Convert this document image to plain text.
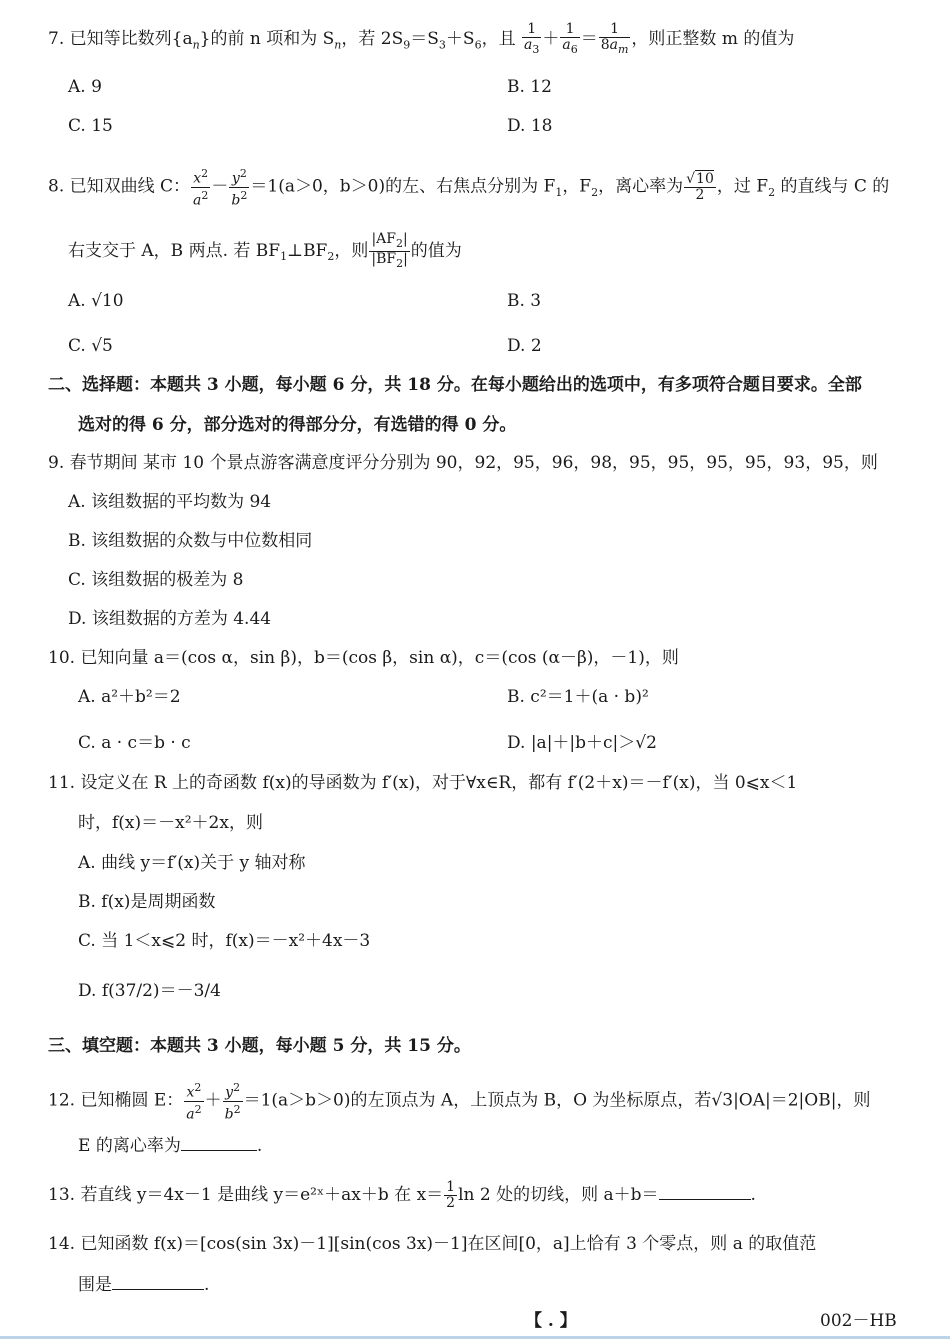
7. 已知等比数列$\{a_n\}$的前 n 项和为 $S_n$，若 $2S_9=S_3+S_6$，且 $\frac{1}{a_3} + \frac{1}{a_6} = \frac{1}{8a_m}$ ，则正整数 m 的值为
A. 9	B. 12
C. 15	D. 18
8. 已知双曲线 C： $\frac{x^2}{a^2} - \frac{y^2}{b^2} =1(a>0$，b＞0)的左、右焦点分别为 $F_1$，$F_2$，离心率为 $\frac{√10}{2}$ ，过 $F_2$ 的直线与 C 的
右支交于 A，B 两点. 若 $BF_1\perp BF_2$，则 $\frac{|AF_2|}{|BF_2|}$ 的值为
A. √10	B. 3
C. √5	D. 2
二、选择题：本题共 3 小题，每小题 6 分，共 18 分。在每小题给出的选项中，有多项符合题目要求。全部
选对的得 6 分，部分选对的得部分分，有选错的得 0 分。
9. 春节期间 某市 10 个景点游客满意度评分分别为 90，92，95，96，98，95，95，95，95，93，95，则
A. 该组数据的平均数为 94
B. 该组数据的众数与中位数相同
C. 该组数据的极差为 8
D. 该组数据的方差为 4.44
10. 已知向量 a＝(cos α，sin β)，b＝(cos β，sin α)，c＝(cos (α－β)，－1)，则
A. a²＋b²＝2	B. c²＝1＋(a · b)²
C. a · c＝b · c	D. |a|＋|b＋c|＞√2
11. 设定义在 R 上的奇函数 f(x)的导函数为 f′(x)，对于∀x∈R，都有 f′(2＋x)＝－f′(x)，当 0⩽x＜1
时，f(x)＝－x²＋2x，则
A. 曲线 y＝f′(x)关于 y 轴对称
B. f(x)是周期函数
C. 当 1＜x⩽2 时，f(x)＝－x²＋4x－3
D. f(37/2)＝－3/4
三、填空题：本题共 3 小题，每小题 5 分，共 15 分。
12. 已知椭圆 E： $\frac{x^2}{a^2} + \frac{y^2}{b^2} =1(a>b>0)$的左顶点为 A，上顶点为 B，O 为坐标原点，若√3|OA|＝2|OB|，则
E 的离心率为	.
13. 若直线 y＝4x－1 是曲线 y＝e²ˣ＋ax＋b 在 $x= \frac{1}{2}$ ln 2 处的切线，则 a＋b＝	.
14. 已知函数 f(x)＝[cos(sin 3x)－1][sin(cos 3x)－1]在区间[0，a]上恰有 3 个零点，则 a 的取值范
围是	.
【 . 】	002－HB
